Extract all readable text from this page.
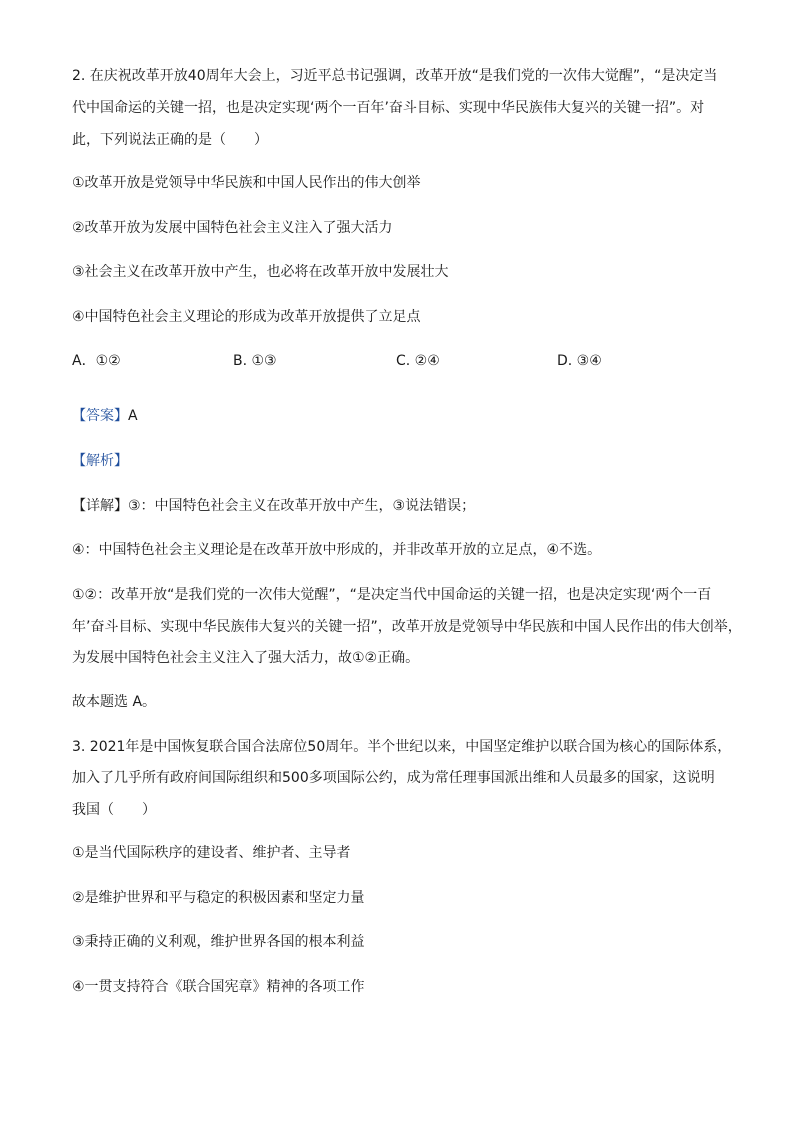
2. 在庆祝改革开放40周年大会上，习近平总书记强调，改革开放“是我们党的一次伟大觉醒”，“是决定当
代中国命运的关键一招，也是决定实现‘两个一百年’奋斗目标、实现中华民族伟大复兴的关键一招”。对
此，下列说法正确的是（　　）
①改革开放是党领导中华民族和中国人民作出的伟大创举
②改革开放为发展中国特色社会主义注入了强大活力
③社会主义在改革开放中产生，也必将在改革开放中发展壮大
④中国特色社会主义理论的形成为改革开放提供了立足点
A．①②	B. ①③	C. ②④	D. ③④
【答案】A
【解析】
【详解】③：中国特色社会主义在改革开放中产生，③说法错误；
④：中国特色社会主义理论是在改革开放中形成的，并非改革开放的立足点，④不选。
①②：改革开放“是我们党的一次伟大觉醒”，“是决定当代中国命运的关键一招，也是决定实现‘两个一百
年’奋斗目标、实现中华民族伟大复兴的关键一招”，改革开放是党领导中华民族和中国人民作出的伟大创举，
为发展中国特色社会主义注入了强大活力，故①②正确。
故本题选 A。
3. 2021年是中国恢复联合国合法席位50周年。半个世纪以来，中国坚定维护以联合国为核心的国际体系，
加入了几乎所有政府间国际组织和500多项国际公约，成为常任理事国派出维和人员最多的国家，这说明
我国（　　）
①是当代国际秩序的建设者、维护者、主导者
②是维护世界和平与稳定的积极因素和坚定力量
③秉持正确的义利观，维护世界各国的根本利益
④一贯支持符合《联合国宪章》精神的各项工作
